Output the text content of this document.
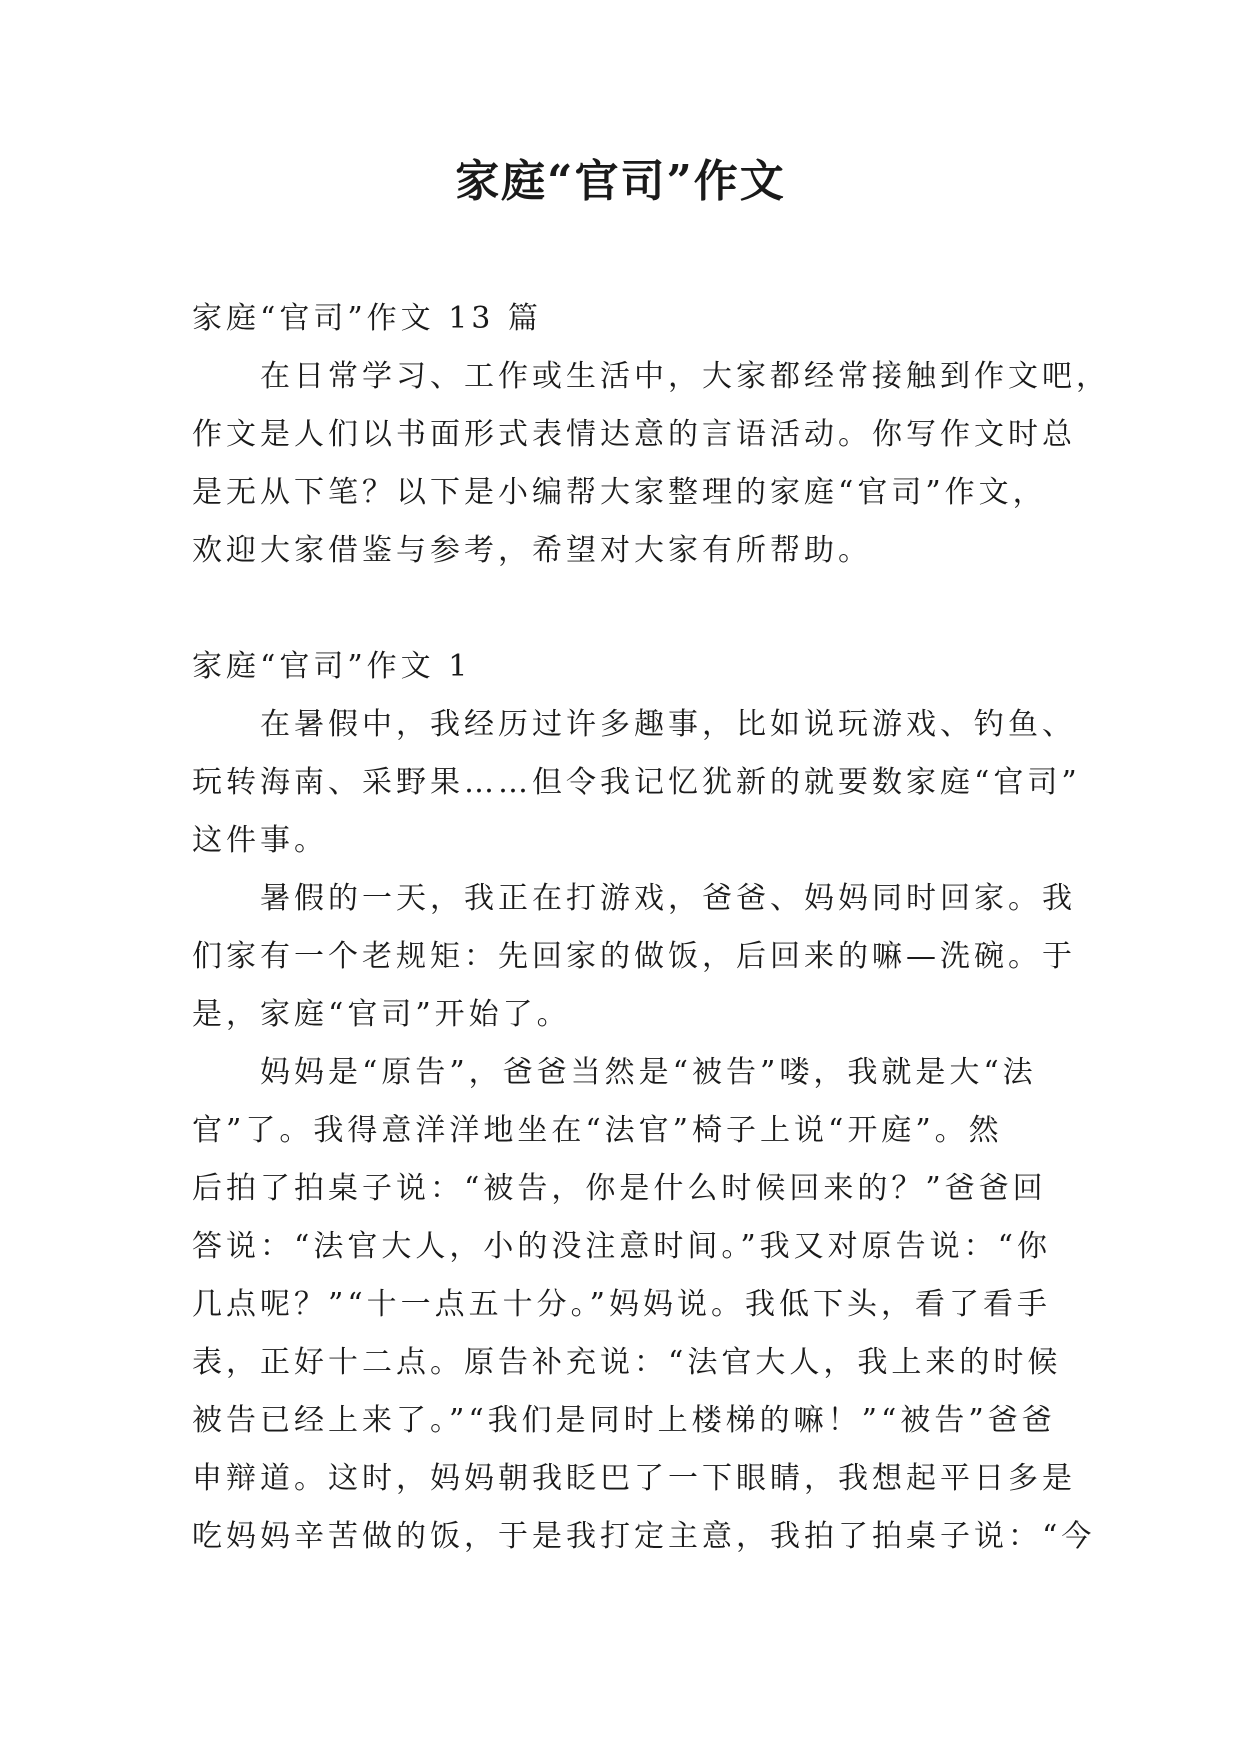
家庭“官司”作文

家庭“官司”作文 13 篇

在日常学习、工作或生活中，大家都经常接触到作文吧，

作文是人们以书面形式表情达意的言语活动。你写作文时总

是无从下笔？以下是小编帮大家整理的家庭“官司”作文，

欢迎大家借鉴与参考，希望对大家有所帮助。

家庭“官司”作文 1

在暑假中，我经历过许多趣事，比如说玩游戏、钓鱼、

玩转海南、采野果……但令我记忆犹新的就要数家庭“官司”

这件事。

暑假的一天，我正在打游戏，爸爸、妈妈同时回家。我

们家有一个老规矩：先回家的做饭，后回来的嘛—洗碗。于

是，家庭“官司”开始了。

妈妈是“原告”，爸爸当然是“被告”喽，我就是大“法

官”了。我得意洋洋地坐在“法官”椅子上说“开庭”。然

后拍了拍桌子说：“被告，你是什么时候回来的？”爸爸回

答说：“法官大人，小的没注意时间。”我又对原告说：“你

几点呢？”“十一点五十分。”妈妈说。我低下头，看了看手

表，正好十二点。原告补充说：“法官大人，我上来的时候

被告已经上来了。”“我们是同时上楼梯的嘛！”“被告”爸爸

申辩道。这时，妈妈朝我眨巴了一下眼睛，我想起平日多是

吃妈妈辛苦做的饭，于是我打定主意，我拍了拍桌子说：“今
